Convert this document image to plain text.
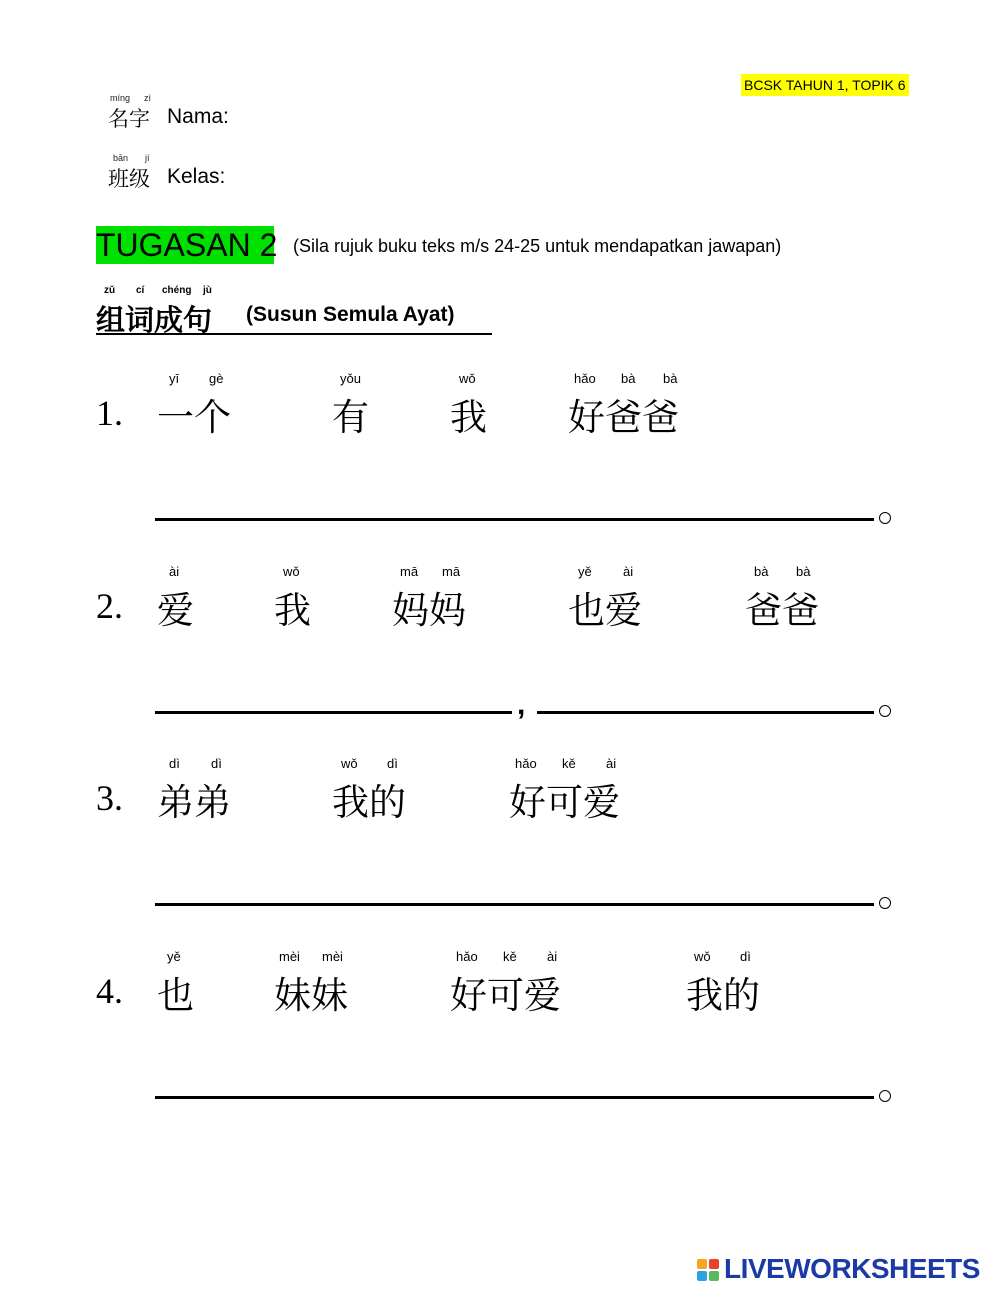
BCSK TAHUN 1, TOPIK 6
míng zì
名字 Nama:
bān jí
班级 Kelas:
TUGASAN 2 (Sila rujuk buku teks m/s 24-25 untuk mendapatkan jawapan)
zǔ cí chéng jù
组词成句 (Susun Semula Ayat)
1.
yī gè
一个
yǒu
有
wǒ
我
hǎo bà bà
好爸爸
2.
ài
爱
wǒ
我
mā mā
妈妈
yě ài
也爱
bà bà
爸爸
,
3.
dì dì
弟弟
wǒ dì
我的
hǎo kě ài
好可爱
4.
yě
也
mèi mèi
妹妹
hǎo kě ài
好可爱
wǒ dì
我的
LIVEWORKSHEETS
